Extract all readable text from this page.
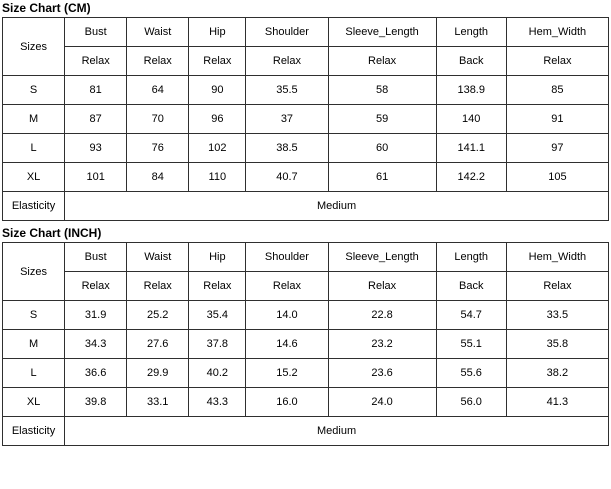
Size Chart (CM)
Sizes	Bust	Waist	Hip	Shoulder	Sleeve_Length	Length	Hem_Width
	Relax	Relax	Relax	Relax	Relax	Back	Relax
S	81	64	90	35.5	58	138.9	85
M	87	70	96	37	59	140	91
L	93	76	102	38.5	60	141.1	97
XL	101	84	110	40.7	61	142.2	105
Elasticity	Medium						
Size Chart (INCH)
Sizes	Bust	Waist	Hip	Shoulder	Sleeve_Length	Length	Hem_Width
	Relax	Relax	Relax	Relax	Relax	Back	Relax
S	31.9	25.2	35.4	14.0	22.8	54.7	33.5
M	34.3	27.6	37.8	14.6	23.2	55.1	35.8
L	36.6	29.9	40.2	15.2	23.6	55.6	38.2
XL	39.8	33.1	43.3	16.0	24.0	56.0	41.3
Elasticity	Medium						
